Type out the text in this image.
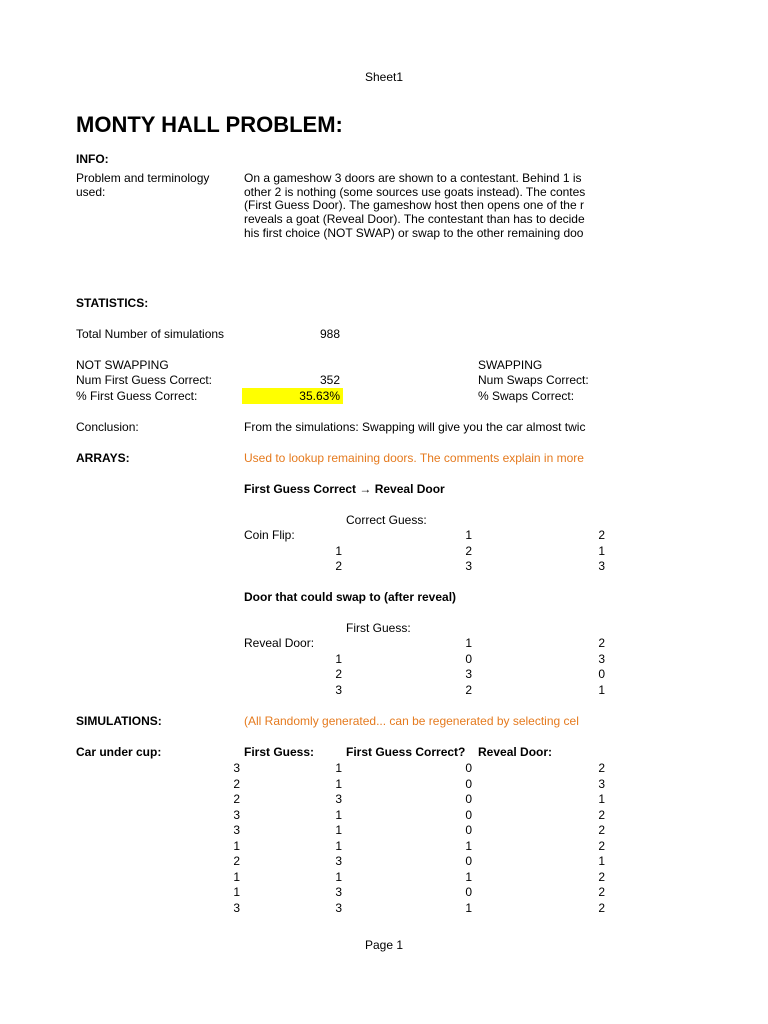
Sheet1
MONTY HALL PROBLEM:
INFO:
Problem and terminology
used:
On a gameshow 3 doors are shown to a contestant. Behind 1 is
other 2 is nothing (some sources use goats instead). The contes
(First Guess Door). The gameshow host then opens one of the r
reveals a goat (Reveal Door). The contestant than has to decide
his first choice (NOT SWAP) or swap to the other remaining doo
STATISTICS:
Total Number of simulations	988
NOT SWAPPING
Num First Guess Correct:	352
% First Guess Correct:	35.63%
SWAPPING
Num Swaps Correct:
% Swaps Correct:
Conclusion:	From the simulations: Swapping will give you the car almost twic
ARRAYS:	Used to lookup remaining doors. The comments explain in more
First Guess Correct → Reveal Door
Correct Guess:
Coin Flip:	1	2
1	2	1
2	3	3
Door that could swap to (after reveal)
First Guess:
Reveal Door:	1	2
1	0	3
2	3	0
3	2	1
SIMULATIONS:	(All Randomly generated... can be regenerated by selecting cel
Car under cup:	First Guess:	First Guess Correct? Reveal Door:
3	1	0	2
2	1	0	3
2	3	0	1
3	1	0	2
3	1	0	2
1	1	1	2
2	3	0	1
1	1	1	2
1	3	0	2
3	3	1	2
Page 1
